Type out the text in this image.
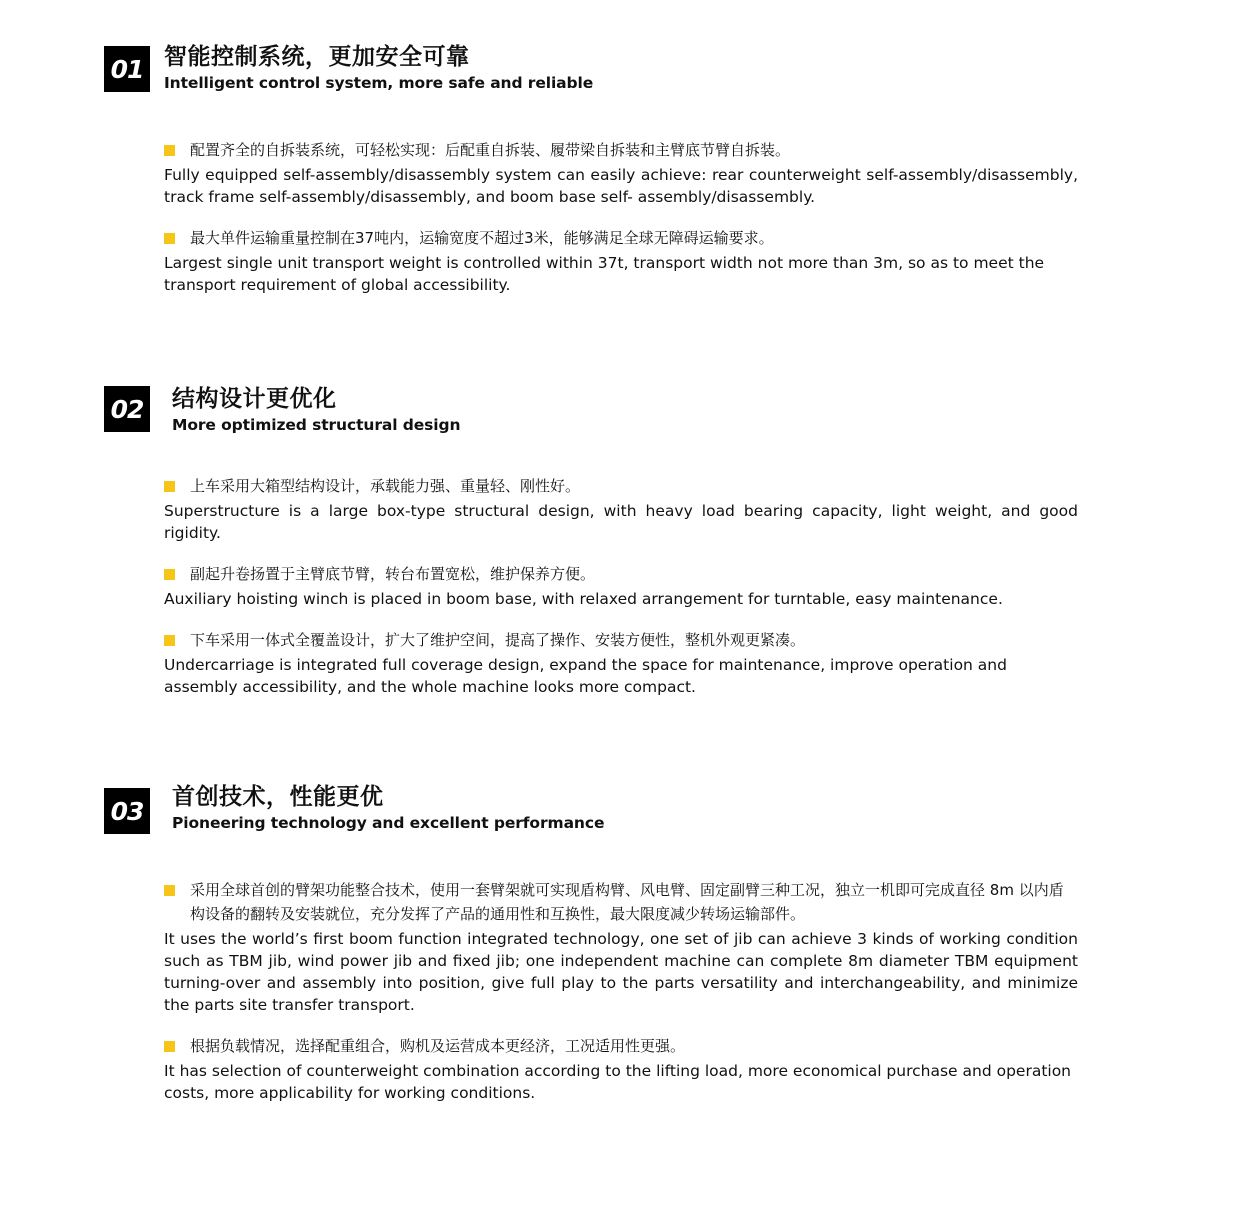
01 智能控制系统，更加安全可靠
Intelligent control system, more safe and reliable
配置齐全的自拆装系统，可轻松实现：后配重自拆装、履带梁自拆装和主臂底节臂自拆装。
Fully equipped self-assembly/disassembly system can easily achieve: rear counterweight self-assembly/disassembly, track frame self-assembly/disassembly, and boom base self- assembly/disassembly.
最大单件运输重量控制在37吨内，运输宽度不超过3米，能够满足全球无障碍运输要求。
Largest single unit transport weight is controlled within 37t, transport width not more than 3m, so as to meet the transport requirement of global accessibility.
02 结构设计更优化
More optimized structural design
上车采用大箱型结构设计，承载能力强、重量轻、刚性好。
Superstructure is a large box-type structural design, with heavy load bearing capacity, light weight, and good rigidity.
副起升卷扬置于主臂底节臂，转台布置宽松，维护保养方便。
Auxiliary hoisting winch is placed in boom base, with relaxed arrangement for turntable, easy maintenance.
下车采用一体式全覆盖设计，扩大了维护空间，提高了操作、安装方便性，整机外观更紧凑。
Undercarriage is integrated full coverage design, expand the space for maintenance, improve operation and assembly accessibility, and the whole machine looks more compact.
03 首创技术，性能更优
Pioneering technology and excellent performance
采用全球首创的臂架功能整合技术，使用一套臂架就可实现盾构臂、风电臂、固定副臂三种工况，独立一机即可完成直径 8m 以内盾构设备的翻转及安装就位，充分发挥了产品的通用性和互换性，最大限度减少转场运输部件。
It uses the world’s first boom function integrated technology, one set of jib can achieve 3 kinds of working condition such as TBM jib, wind power jib and fixed jib; one independent machine can complete 8m diameter TBM equipment turning-over and assembly into position, give full play to the parts versatility and interchangeability, and minimize the parts site transfer transport.
根据负载情况，选择配重组合，购机及运营成本更经济，工况适用性更强。
It has selection of counterweight combination according to the lifting load, more economical purchase and operation costs, more applicability for working conditions.
